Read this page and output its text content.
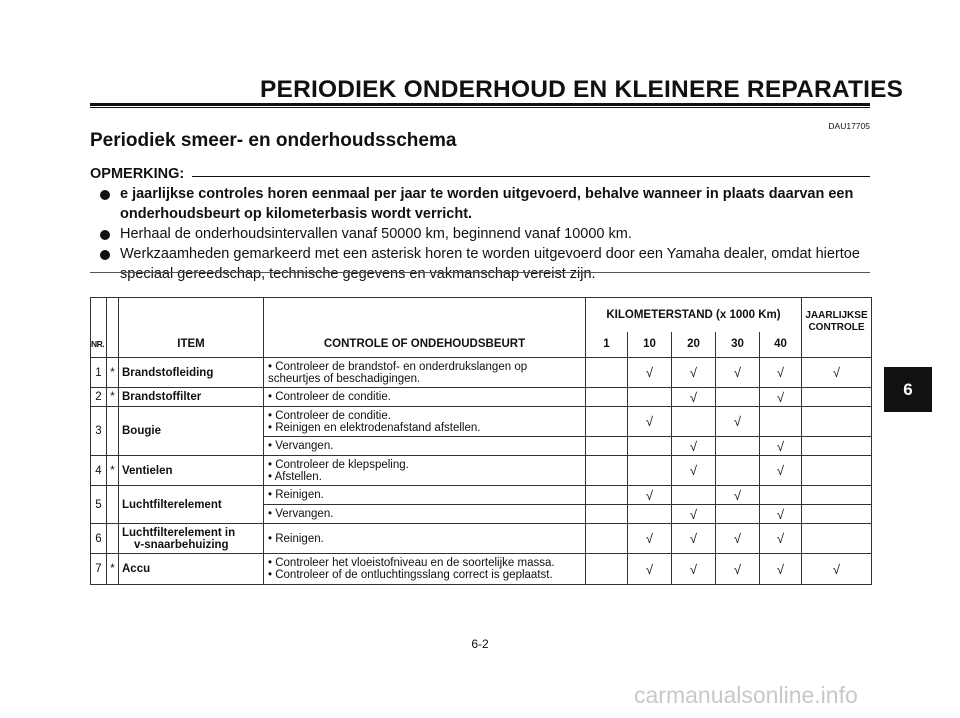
PERIODIEK ONDERHOUD EN KLEINERE REPARATIES
DAU17705
Periodiek smeer- en onderhoudsschema
OPMERKING:
e jaarlijkse controles horen eenmaal per jaar te worden uitgevoerd, behalve wanneer in plaats daarvan een
onderhoudsbeurt op kilometerbasis wordt verricht.
Herhaal de onderhoudsintervallen vanaf 50000 km, beginnend vanaf 10000 km.
Werkzaamheden gemarkeerd met een asterisk horen te worden uitgevoerd door een Yamaha dealer, omdat hiertoe
speciaal gereedschap, technische gegevens en vakmanschap vereist zijn.
6
				KILOMETERSTAND (x 1000 Km)					JAARLIJKSE
CONTROLE

NR.		ITEM	CONTROLE OF ONDEHOUDSBEURT	1	10	20	30	40	
1	*	Brandstofleiding	• Controleer de brandstof- en onderdrukslangen op
scheurtjes of beschadigingen.		√	√	√	√	√
2	*	Brandstoffilter	• Controleer de conditie.			√		√	
3		Bougie	• Controleer de conditie.
• Reinigen en elektrodenafstand afstellen.		√		√		
			• Vervangen.			√		√	
4	*	Ventielen	• Controleer de klepspeling.
• Afstellen.			√		√	
5		Luchtfilterelement	• Reinigen.		√		√		
			• Vervangen.			√		√	
6		Luchtfilterelement in
v-snaarbehuizing	• Reinigen.		√	√	√	√	
7	*	Accu	• Controleer het vloeistofniveau en de soortelijke massa.
• Controleer of de ontluchtingsslang correct is geplaatst.		√	√	√	√	√
6-2
carmanualsonline.info
